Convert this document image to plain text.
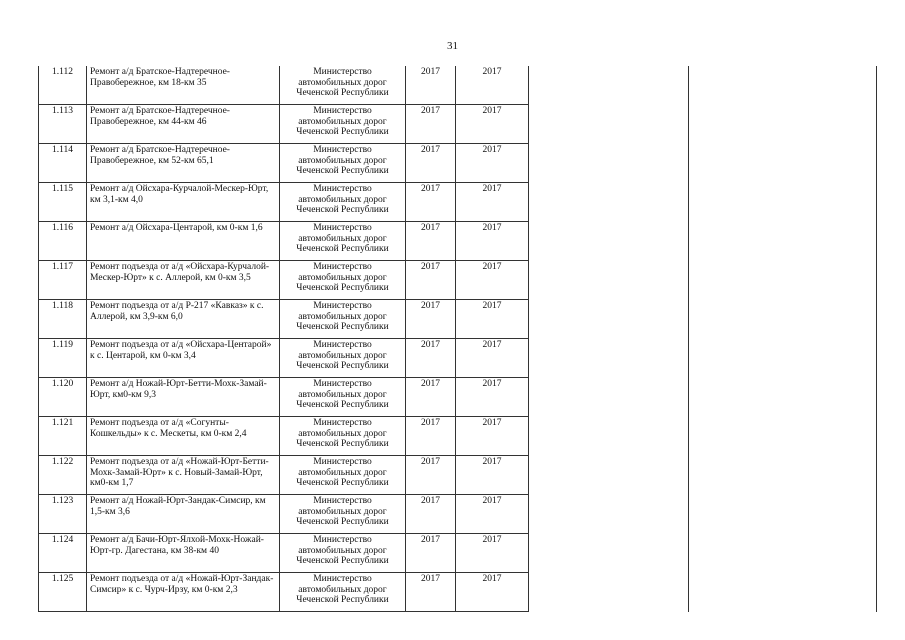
31
1.112	Ремонт а/д Братское-Надтеречное-Правобережное, км 18-км 35	Министерство автомобильных дорог Чеченской Республики	2017	2017		
1.113	Ремонт а/д Братское-Надтеречное-Правобережное, км 44-км 46	Министерство автомобильных дорог Чеченской Республики	2017	2017		
1.114	Ремонт а/д Братское-Надтеречное-Правобережное, км 52-км 65,1	Министерство автомобильных дорог Чеченской Республики	2017	2017		
1.115	Ремонт а/д Ойсхара-Курчалой-Мескер-Юрт, км 3,1-км 4,0	Министерство автомобильных дорог Чеченской Республики	2017	2017		
1.116	Ремонт а/д Ойсхара-Центарой, км 0-км 1,6	Министерство автомобильных дорог Чеченской Республики	2017	2017		
1.117	Ремонт подъезда от а/д «Ойсхара-Курчалой-Мескер-Юрт» к с. Аллерой, км 0-км 3,5	Министерство автомобильных дорог Чеченской Республики	2017	2017		
1.118	Ремонт подъезда от а/д Р-217 «Кавказ» к с. Аллерой, км 3,9-км 6,0	Министерство автомобильных дорог Чеченской Республики	2017	2017		
1.119	Ремонт подъезда от а/д «Ойсхара-Центарой» к с. Центарой, км 0-км 3,4	Министерство автомобильных дорог Чеченской Республики	2017	2017		
1.120	Ремонт а/д Ножай-Юрт-Бетти-Мохк-Замай-Юрт, км0-км 9,3	Министерство автомобильных дорог Чеченской Республики	2017	2017		
1.121	Ремонт подъезда от а/д «Согунты-Кошкельды» к с. Мескеты, км 0-км 2,4	Министерство автомобильных дорог Чеченской Республики	2017	2017		
1.122	Ремонт подъезда от а/д «Ножай-Юрт-Бетти-Мохк-Замай-Юрт» к с. Новый-Замай-Юрт, км0-км 1,7	Министерство автомобильных дорог Чеченской Республики	2017	2017		
1.123	Ремонт а/д Ножай-Юрт-Зандак-Симсир, км 1,5-км 3,6	Министерство автомобильных дорог Чеченской Республики	2017	2017		
1.124	Ремонт а/д Бачи-Юрт-Ялхой-Мохк-Ножай-Юрт-гр. Дагестана, км 38-км 40	Министерство автомобильных дорог Чеченской Республики	2017	2017		
1.125	Ремонт подъезда от а/д «Ножай-Юрт-Зандак-Симсир» к с. Чурч-Ирзу, км 0-км 2,3	Министерство автомобильных дорог Чеченской Республики	2017	2017		
